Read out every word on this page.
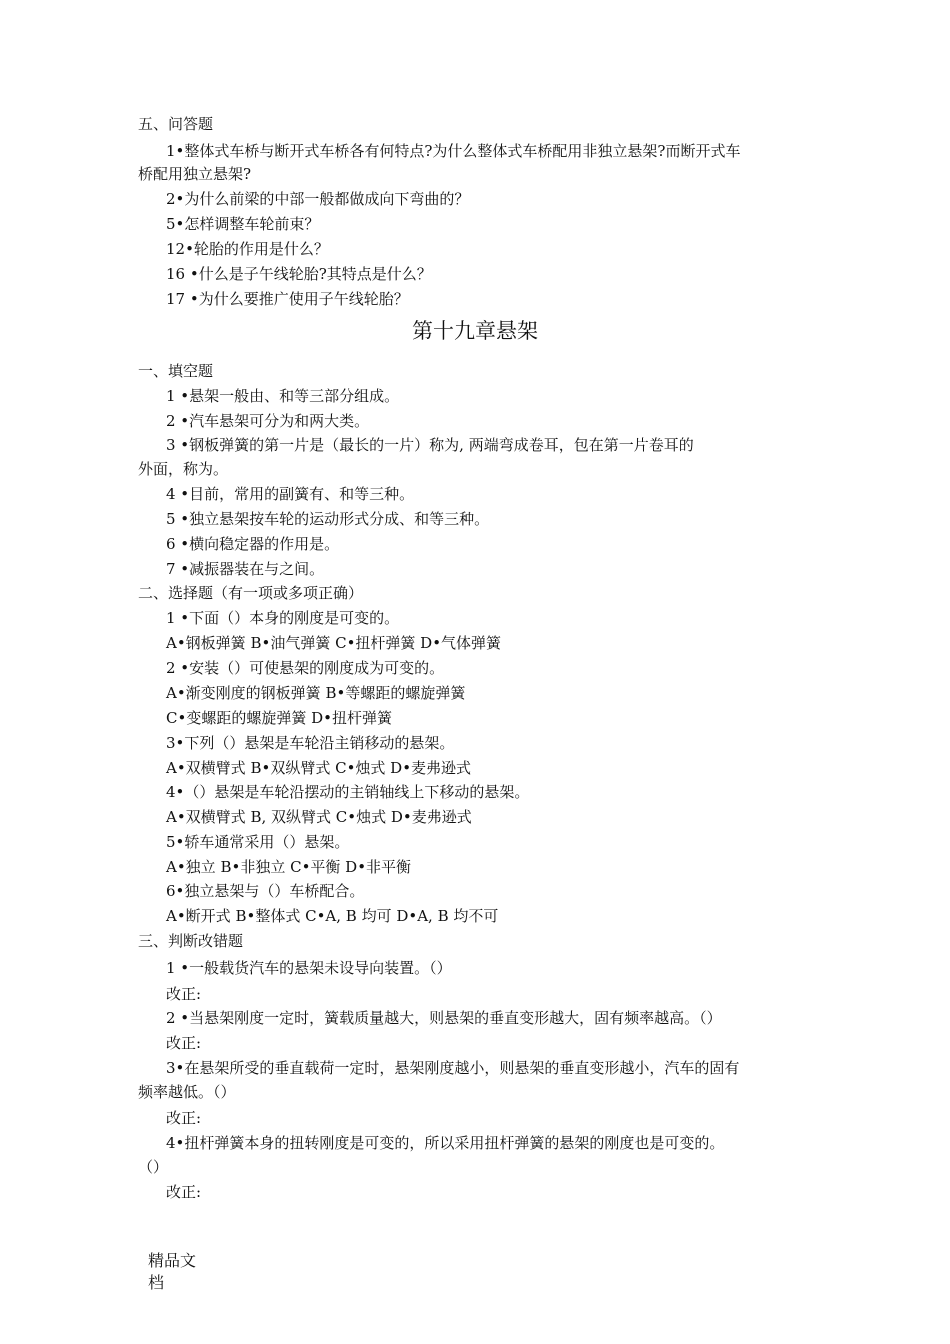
五、问答题
1•整体式车桥与断开式车桥各有何特点?为什么整体式车桥配用非独立悬架?而断开式车
桥配用独立悬架?
2•为什么前梁的中部一般都做成向下弯曲的？
5•怎样调整车轮前束？
12•轮胎的作用是什么？
16 •什么是子午线轮胎?其特点是什么？
17 •为什么要推广使用子午线轮胎？
第十九章悬架
一、填空题
1 •悬架一般由、和等三部分组成。
2 •汽车悬架可分为和两大类。
3 •钢板弹簧的第一片是（最长的一片）称为, 两端弯成卷耳，包在第一片卷耳的
外面，称为。
4 •目前，常用的副簧有、和等三种。
5 •独立悬架按车轮的运动形式分成、和等三种。
6 •横向稳定器的作用是。
7 •减振器装在与之间。
二、选择题（有一项或多项正确）
1 •下面（）本身的刚度是可变的。
A•钢板弹簧 B•油气弹簧 C•扭杆弹簧 D•气体弹簧
2 •安装（）可使悬架的刚度成为可变的。
A•渐变刚度的钢板弹簧 B•等螺距的螺旋弹簧
C•变螺距的螺旋弹簧 D•扭杆弹簧
3•下列（）悬架是车轮沿主销移动的悬架。
A•双横臂式 B•双纵臂式 C•烛式 D•麦弗逊式
4•（）悬架是车轮沿摆动的主销轴线上下移动的悬架。
A•双横臂式 B, 双纵臂式 C•烛式 D•麦弗逊式
5•轿车通常采用（）悬架。
A•独立 B•非独立 C•平衡 D•非平衡
6•独立悬架与（）车桥配合。
A•断开式 B•整体式 C•A, B 均可 D•A, B 均不可
三、判断改错题
1 •一般载货汽车的悬架未设导向装置。（）
改正:
2 •当悬架刚度一定时，簧载质量越大，则悬架的垂直变形越大，固有频率越高。（）
改正:
3•在悬架所受的垂直载荷一定时，悬架刚度越小，则悬架的垂直变形越小，汽车的固有
频率越低。（）
改正:
4•扭杆弹簧本身的扭转刚度是可变的，所以采用扭杆弹簧的悬架的刚度也是可变的。
（）
改正:
精品文
档
